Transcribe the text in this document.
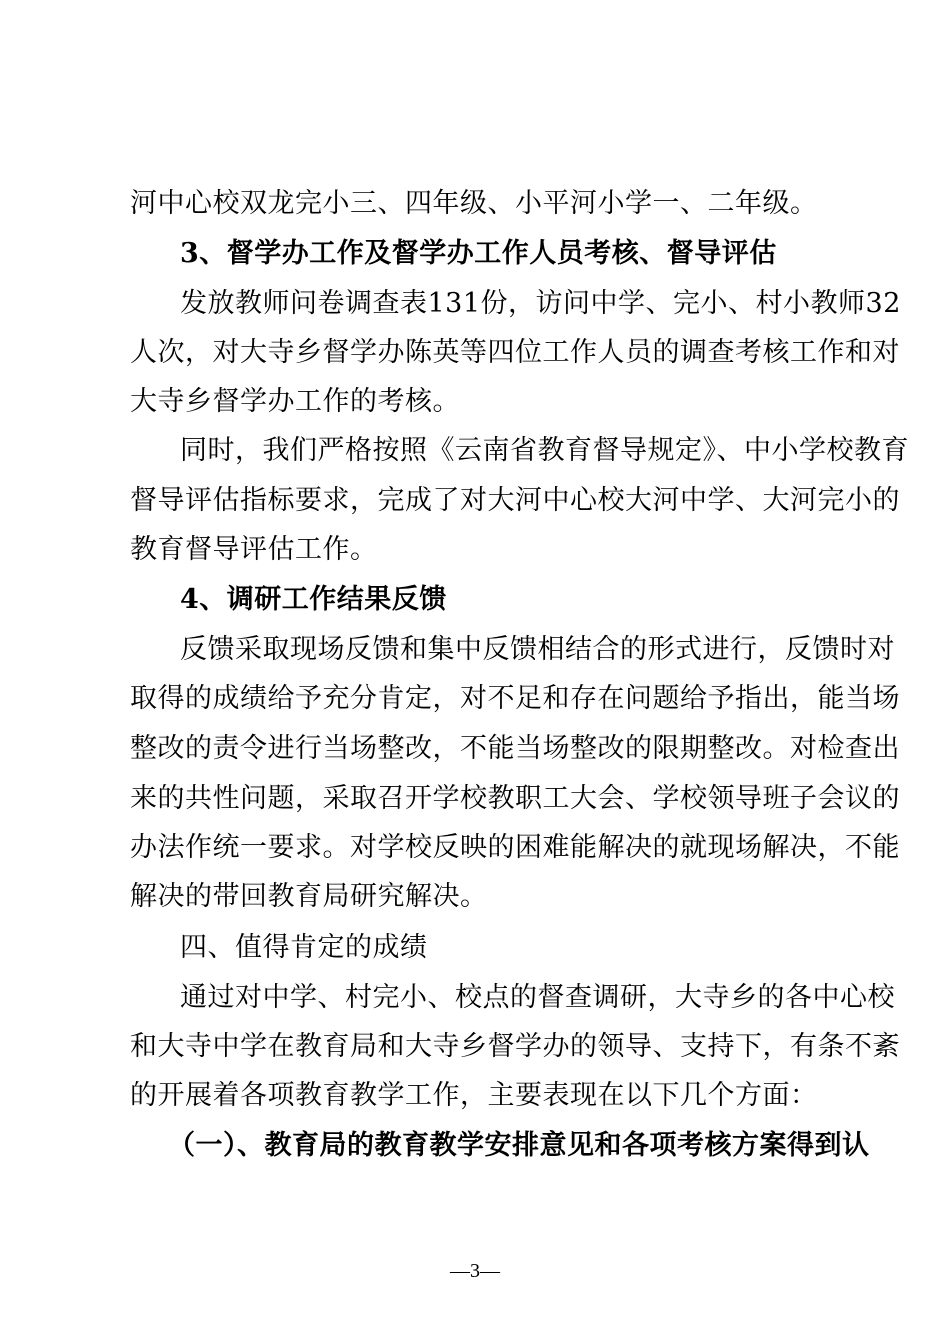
河中心校双龙完小三、四年级、小平河小学一、二年级。
3、督学办工作及督学办工作人员考核、督导评估
发放教师问卷调查表131份，访问中学、完小、村小教师32
人次，对大寺乡督学办陈英等四位工作人员的调查考核工作和对
大寺乡督学办工作的考核。
同时，我们严格按照《云南省教育督导规定》、中小学校教育
督导评估指标要求，完成了对大河中心校大河中学、大河完小的
教育督导评估工作。
4、调研工作结果反馈
反馈采取现场反馈和集中反馈相结合的形式进行，反馈时对
取得的成绩给予充分肯定，对不足和存在问题给予指出，能当场
整改的责令进行当场整改，不能当场整改的限期整改。对检查出
来的共性问题，采取召开学校教职工大会、学校领导班子会议的
办法作统一要求。对学校反映的困难能解决的就现场解决，不能
解决的带回教育局研究解决。
四、值得肯定的成绩
通过对中学、村完小、校点的督查调研，大寺乡的各中心校
和大寺中学在教育局和大寺乡督学办的领导、支持下，有条不紊
的开展着各项教育教学工作，主要表现在以下几个方面：
（一）、教育局的教育教学安排意见和各项考核方案得到认
—3—
